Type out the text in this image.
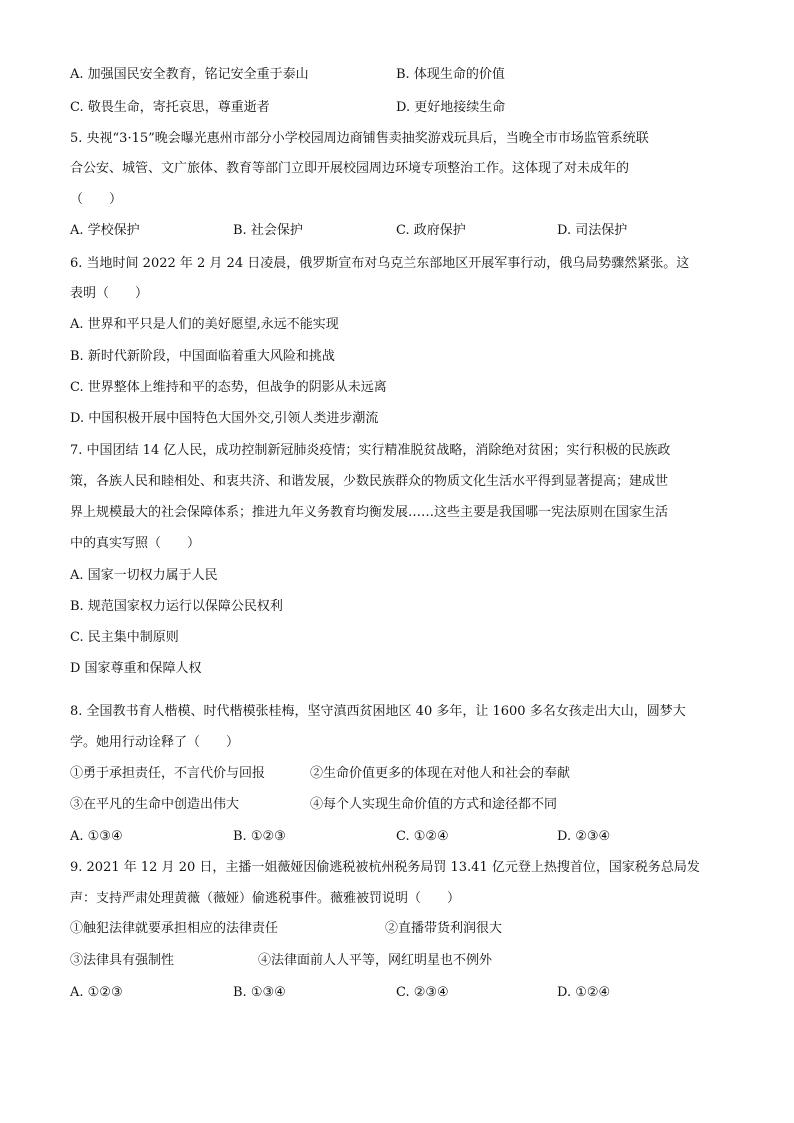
A. 加强国民安全教育，铭记安全重于泰山	B. 体现生命的价值
C. 敬畏生命，寄托哀思，尊重逝者	D. 更好地接续生命
5. 央视“3·15”晚会曝光惠州市部分小学校园周边商铺售卖抽奖游戏玩具后，当晚全市市场监管系统联
合公安、城管、文广旅体、教育等部门立即开展校园周边环境专项整治工作。这体现了对未成年的
（　　）
A. 学校保护	B. 社会保护	C. 政府保护	D. 司法保护
6. 当地时间 2022 年 2 月 24 日凌晨，俄罗斯宣布对乌克兰东部地区开展军事行动，俄乌局势骤然紧张。这
表明（　　）
A. 世界和平只是人们的美好愿望,永远不能实现
B. 新时代新阶段，中国面临着重大风险和挑战
C. 世界整体上维持和平的态势，但战争的阴影从未远离
D. 中国积极开展中国特色大国外交,引领人类进步潮流
7. 中国团结 14 亿人民，成功控制新冠肺炎疫情；实行精准脱贫战略，消除绝对贫困；实行积极的民族政
策，各族人民和睦相处、和衷共济、和谐发展，少数民族群众的物质文化生活水平得到显著提高；建成世
界上规模最大的社会保障体系；推进九年义务教育均衡发展……这些主要是我国哪一宪法原则在国家生活
中的真实写照（　　）
A. 国家一切权力属于人民
B. 规范国家权力运行以保障公民权利
C. 民主集中制原则
D 国家尊重和保障人权
8. 全国教书育人楷模、时代楷模张桂梅，坚守滇西贫困地区 40 多年，让 1600 多名女孩走出大山，圆梦大
学。她用行动诠释了（　　）
①勇于承担责任，不言代价与回报	②生命价值更多的体现在对他人和社会的奉献
③在平凡的生命中创造出伟大	④每个人实现生命价值的方式和途径都不同
A. ①③④	B. ①②③	C. ①②④	D. ②③④
9. 2021 年 12 月 20 日，主播一姐薇娅因偷逃税被杭州税务局罚 13.41 亿元登上热搜首位，国家税务总局发
声：支持严肃处理黄薇（薇娅）偷逃税事件。薇雅被罚说明（　　）
①触犯法律就要承担相应的法律责任	②直播带货利润很大
③法律具有强制性	④法律面前人人平等，网红明星也不例外
A. ①②③	B. ①③④	C. ②③④	D. ①②④
